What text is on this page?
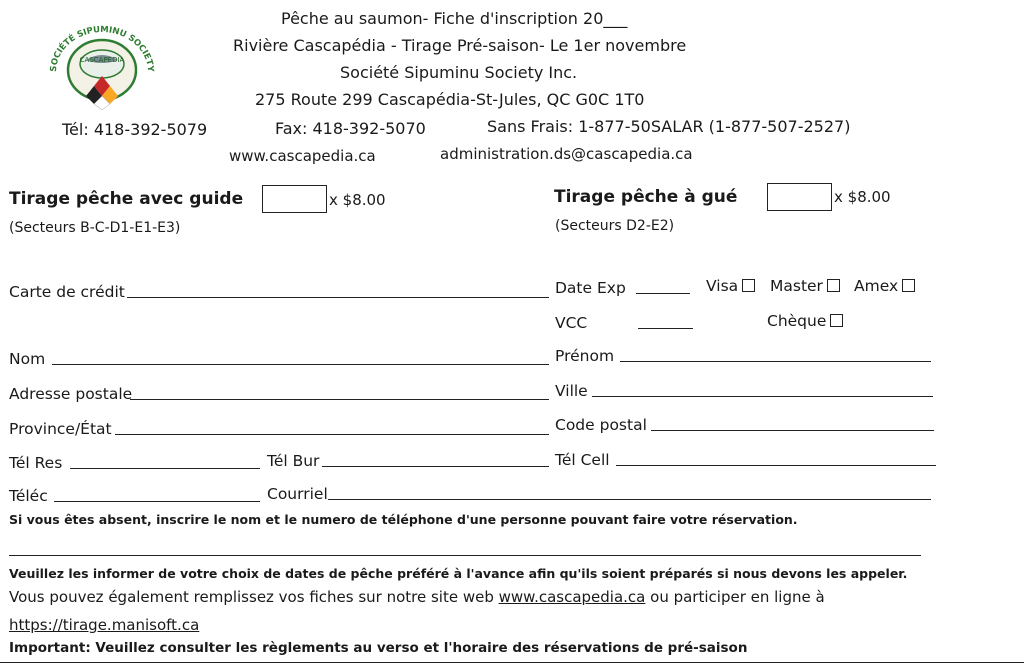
SOCIÉTÉ SIPUMINU SOCIETY
CASCAPEDIA
Pêche au saumon- Fiche d'inscription 20___
Rivière Cascapédia - Tirage Pré-saison- Le 1er novembre
Société Sipuminu Society Inc.
275 Route 299 Cascapédia-St-Jules, QC G0C 1T0
Tél: 418-392-5079	Fax: 418-392-5070	Sans Frais: 1-877-50SALAR (1-877-507-2527)
www.cascapedia.ca	administration.ds@cascapedia.ca
Tirage pêche avec guide	x $8.00
(Secteurs B-C-D1-E1-E3)
Tirage pêche à gué	x $8.00
(Secteurs D2-E2)
Carte de crédit	Date Exp	Visa	Master	Amex
VCC	Chèque
Nom	Prénom
Adresse postale	Ville
Province/État	Code postal
Tél Res	Tél Bur	Tél Cell
Téléc	Courriel
Si vous êtes absent, inscrire le nom et le numero de téléphone d'une personne pouvant faire votre réservation.
Veuillez les informer de votre choix de dates de pêche préféré à l'avance afin qu'ils soient préparés si nous devons les appeler.
Vous pouvez également remplissez vos fiches sur notre site web www.cascapedia.ca ou participer en ligne à
https://tirage.manisoft.ca
Important: Veuillez consulter les règlements au verso et l'horaire des réservations de pré-saison
